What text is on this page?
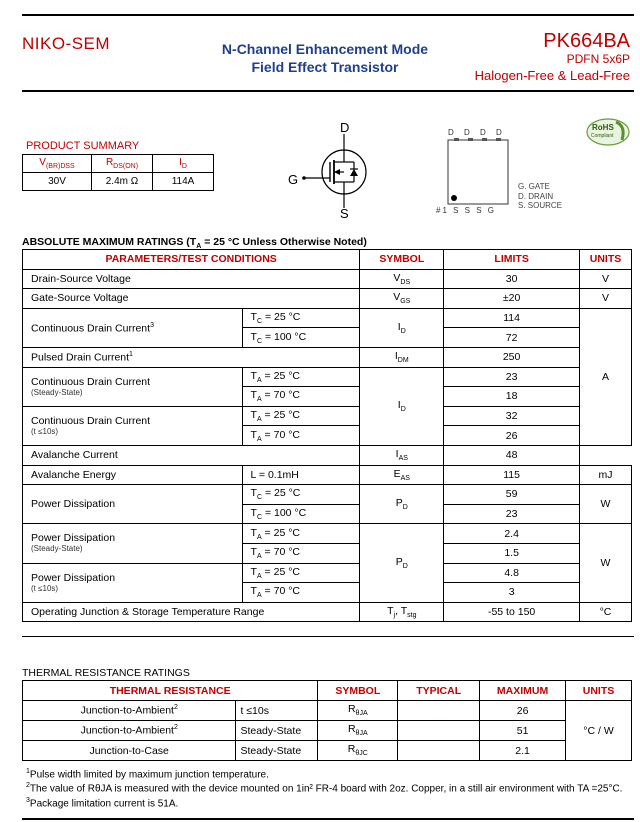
NIKO-SEM	N-Channel Enhancement Mode
Field Effect Transistor
PK664BA
PDFN 5x6P
Halogen-Free & Lead-Free
PRODUCT SUMMARY
$V_{(BR)DSS}$	$R_{DS(ON)}$	$I_D$
30V	2.4m Ω	114A
D
G
S
D D D D
#1 S S S G
G. GATE
D. DRAIN
S. SOURCE
RoHS
Compliant
ABSOLUTE MAXIMUM RATINGS ($T_A = 25$ °C Unless Otherwise Noted)
PARAMETERS/TEST CONDITIONS		SYMBOL	LIMITS	UNITS
Drain-Source Voltage		$V_{DS}$	30	V
Gate-Source Voltage		$V_{GS}$	±20	V
Continuous Drain Current$^3$	$T_C = 25$ °C	$I_D$	114	A
	$T_C = 100$ °C		72	
Pulsed Drain Current$^1$		$I_{DM}$	250	
Continuous Drain Current
(Steady-State)	$T_A = 25$ °C	$I_D$	23	
	$T_A = 70$ °C		18	
Continuous Drain Current
(t ≤10s)	$T_A = 25$ °C		32	
	$T_A = 70$ °C		26	
Avalanche Current		$I_{AS}$	48	
Avalanche Energy	L = 0.1mH	$E_{AS}$	115	mJ
Power Dissipation	$T_C = 25$ °C	$P_D$	59	W
	$T_C = 100$ °C		23	
Power Dissipation
(Steady-State)	$T_A = 25$ °C	$P_D$	2.4	W
	$T_A = 70$ °C		1.5	
Power Dissipation
(t ≤10s)	$T_A = 25$ °C		4.8	
	$T_A = 70$ °C		3	
Operating Junction & Storage Temperature Range		$T_j$, $T_{stg}$	-55 to 150	°C
THERMAL RESISTANCE RATINGS
THERMAL RESISTANCE		SYMBOL	TYPICAL	MAXIMUM	UNITS
Junction-to-Ambient$^2$	t ≤10s	$R_{\theta JA}$		26	°C / W
Junction-to-Ambient$^2$	Steady-State	$R_{\theta JA}$		51	
Junction-to-Case	Steady-State	$R_{\theta JC}$		2.1	
$^1$Pulse width limited by maximum junction temperature.
$^2$The value of RθJA is measured with the device mounted on 1in² FR-4 board with 2oz. Copper, in a still air environment with TA =25°C.
$^3$Package limitation current is 51A.
